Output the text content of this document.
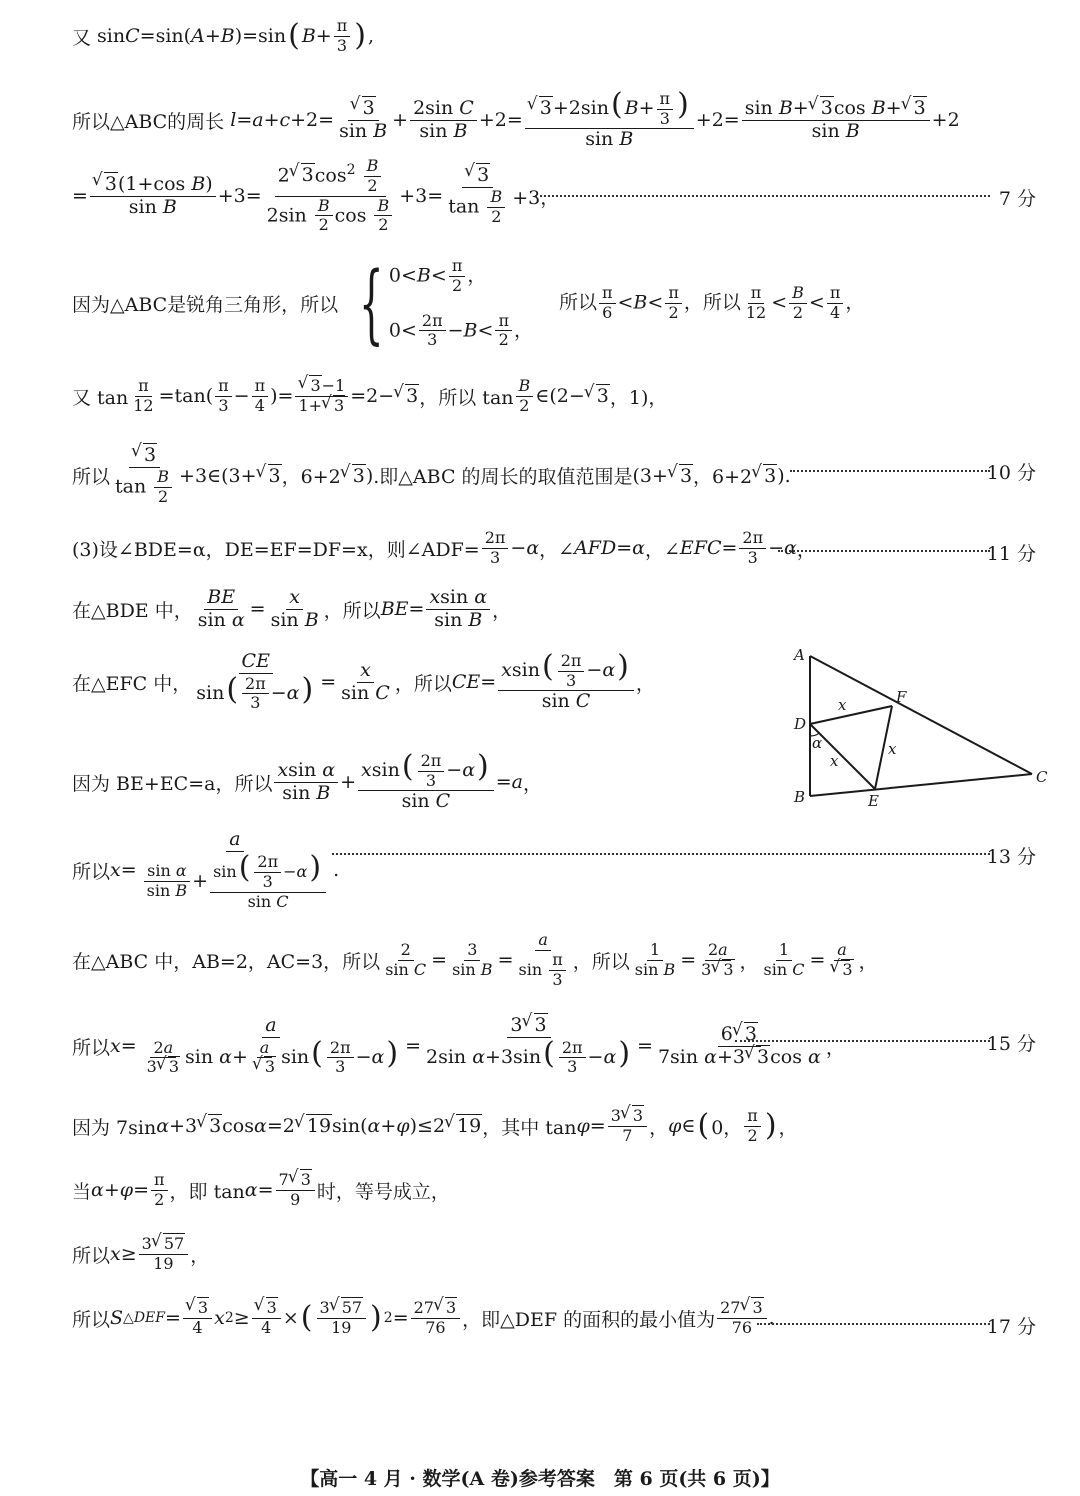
又 sin C =sin( A + B )=sin ( $B + \frac{\pi}{3}$ ) ,
所以△ABC的周长
l = a + c +2= √ $\frac{3}{\text{sin B}} + \frac{\text{2sin C}}{\text{sin B}} +2=$ √ $\frac{3+2\sin( B+ \frac{\pi}{3} )}{\text{sin B}} +2= \frac{\text{sin B+ √ 3cos B+ √ 3}}{\text{sin B}} +2$
= √ $\frac{\text{3(1+cos B)}}{\text{sin B}} +3= \frac{2 √ 3\cos^2 \frac{B}{2}}{2\sin \frac{B}{2} \cos \frac{B}{2}} +3=$ √ $\frac{3}{\tan \frac{B}{2}} +3$，	7 分
因为△ABC是锐角三角形，所以 { $0<B< \frac{\pi}{2}$ ，
$0< \frac{2\pi}{3} -B< \frac{\pi}{2}$ ，
所以 $\frac{\pi}{6} <B< \frac{\pi}{2}$ ，所以 $\frac{\pi}{12} < \frac{B}{2} < \frac{\pi}{4}$ ，
又 $\tan \frac{\pi}{12} =\tan( \frac{\pi}{3} - \frac{\pi}{4}$ )= √ $\frac{3-1}{1+ √ 3} =2-$ √ 3 ，所以 $\tan \frac{B}{2}$ ∈(2− √ 3 ，1)，
所以 √ $\frac{3}{\tan \frac{B}{2}}$ +3∈(3+ √ 3 ，6+2 √ 3 ) .即△ABC 的周长的取值范围是 (3+ √ 3 ，6+2 √ 3 ).	10 分
(3)设∠BDE=α，DE=EF=DF=x，则∠ADF= $\frac{2\pi}{3} - \alpha$ ，∠ AFD = α ，∠ EFC = $\frac{2\pi}{3} - \alpha$ ，	11 分
在△BDE 中， $\frac{BE}{\text{sin α}} = \frac{x}{\text{sin B}}$ ，所以 BE = $\frac{\text{xsin α}}{\text{sin B}}$ ，
在△EFC 中， $\frac{CE}{\sin( \frac{2\pi}{3} -\alpha)} = \frac{x}{\text{sin C}}$ ，所以 CE = $\frac{xsin( \frac{2\pi}{3} -\alpha)}{\text{sin C}}$ ，
因为 BE+EC=a，所以 $\frac{\text{xsin α}}{\text{sin B}} + \frac{xsin( \frac{2\pi}{3} -\alpha)}{\text{sin C}} = a$ ，
A
B
C
D
E
F
x
x
x
α
所以 $x = \frac{a}{\frac{\text{sin α}}{\text{sin B}} + \frac{\sin( \frac{2\pi}{3} -\alpha)}{\text{sin C}}}$ .
13 分
在△ABC 中，AB=2，AC=3，所以 $\frac{2}{\text{sin C}} = \frac{3}{\text{sin B}} = \frac{a}{\sin \frac{\pi}{3}}$ ，所以 $\frac{1}{\text{sin B}} = \frac{2a}{3 √ 3}$ ， $\frac{1}{\text{sin C}} = a$
√ 3 ，
所以 x = a
$\frac{2a}{3 √ 3}$ sin α+ a
√ 3 $\sin( \frac{2\pi}{3} -\alpha) = \frac{3 √ 3}{2\sin \alpha+3\sin( \frac{2\pi}{3} -\alpha)} = \frac{6 √ 3}{\text{7sin α+3 √ 3cos α}}$ ，	15 分
因为 7sin α +3 √ 3 cos α =2 √ 19 sin( α + φ )≤2 √ 19 ，其中 $\tan \varphi = \frac{3 √ 3}{7}$ ， φ ∈ ( 0， $\frac{\pi}{2}$ ) ，
当 $\alpha + \varphi = \frac{\pi}{2}$ ，即 $\tan \alpha = \frac{7 √ 3}{9}$ 时，等号成立，
所以 $x \ge \frac{3 √ 57}{19}$ ，
所以 S △DEF = √ $\frac{3}{4}$ x 2 ≥ √ $\frac{3}{4}$ × ( $\frac{3 √ 57}{19}$ ) $2 = \frac{27 √ 3}{76}$ ，即△DEF 的面积的最小值为 $\frac{27 √ 3}{76}$ .	17 分
【高一 4 月 · 数学(A 卷)参考答案　第 6 页(共 6 页)】
